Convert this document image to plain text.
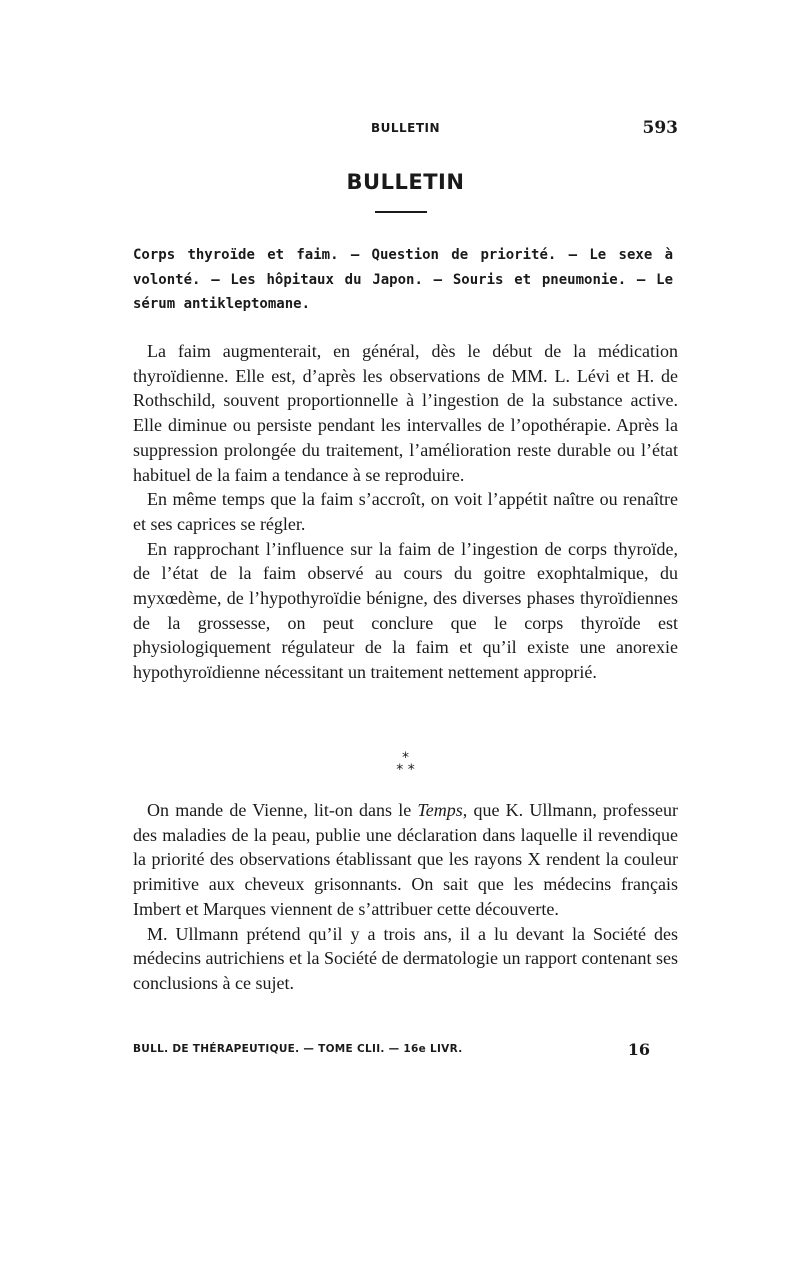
BULLETIN	593
BULLETIN
Corps thyroïde et faim. — Question de priorité. — Le sexe à volonté. — Les hôpitaux du Japon. — Souris et pneumonie. — Le sérum antikleptomane.

La faim augmenterait, en général, dès le début de la médication thyroïdienne. Elle est, d’après les observations de MM. L. Lévi et H. de Rothschild, souvent proportionnelle à l’ingestion de la substance active. Elle diminue ou persiste pendant les intervalles de l’opothérapie. Après la suppression prolongée du traitement, l’amélioration reste durable ou l’état habituel de la faim a tendance à se reproduire.

En même temps que la faim s’accroît, on voit l’appétit naître ou renaître et ses caprices se régler.

En rapprochant l’influence sur la faim de l’ingestion de corps thyroïde, de l’état de la faim observé au cours du goitre exophtalmique, du myxœdème, de l’hypothyroïdie bénigne, des diverses phases thyroïdiennes de la grossesse, on peut conclure que le corps thyroïde est physiologiquement régulateur de la faim et qu’il existe une anorexie hypothyroïdienne nécessitant un traitement nettement approprié.

*
* *

On mande de Vienne, lit-on dans le Temps, que K. Ullmann, professeur des maladies de la peau, publie une déclaration dans laquelle il revendique la priorité des observations établissant que les rayons X rendent la couleur primitive aux cheveux grisonnants. On sait que les médecins français Imbert et Marques viennent de s’attribuer cette découverte.

M. Ullmann prétend qu’il y a trois ans, il a lu devant la Société des médecins autrichiens et la Société de dermatologie un rapport contenant ses conclusions à ce sujet.

BULL. DE THÉRAPEUTIQUE. — TOME CLII. — 16e LIVR.	16
